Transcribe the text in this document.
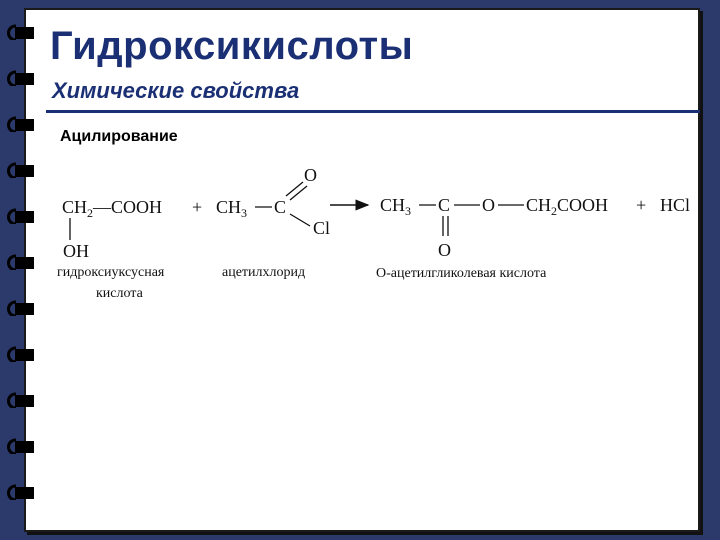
Гидроксикислоты
Химические свойства
Ацилирование
$CH_2$ —COOH
OH
+ $CH_3$ C
O
Cl
$CH_3$ C O $CH_2COOH$
O
+ HCl
гидроксиуксусная
кислота
ацетилхлорид	О-ацетилгликолевая кислота
